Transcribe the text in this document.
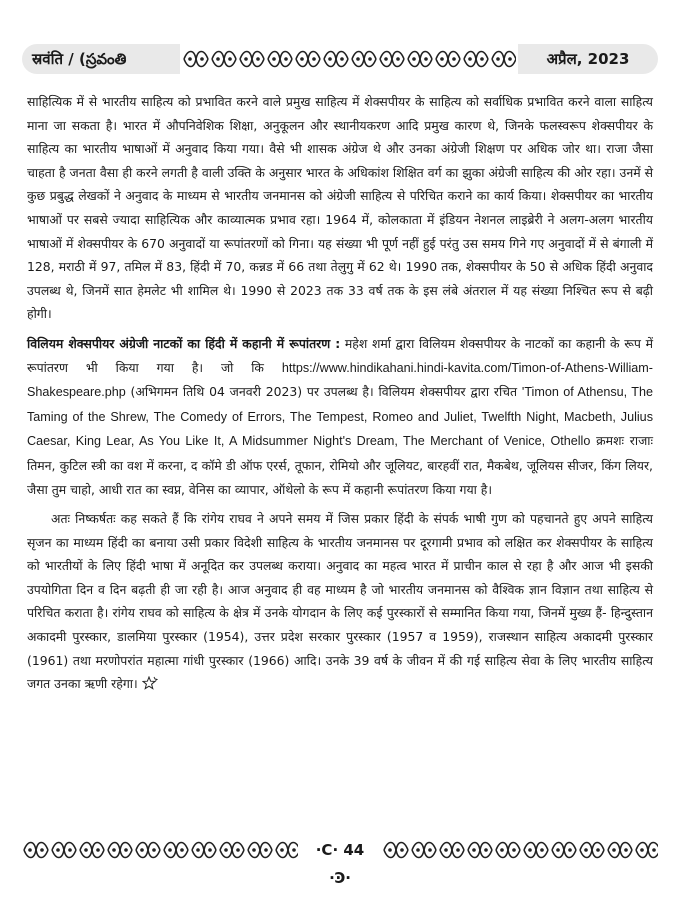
स्रवंति / (స్రవంతి	अप्रैल, 2023

साहित्यिक में से भारतीय साहित्य को प्रभावित करने वाले प्रमुख साहित्य में शेक्सपीयर के साहित्य को सर्वाधिक प्रभावित करने वाला साहित्य माना जा सकता है। भारत में औपनिवेशिक शिक्षा, अनुकूलन और स्थानीयकरण आदि प्रमुख कारण थे, जिनके फलस्वरूप शेक्सपीयर के साहित्य का भारतीय भाषाओं में अनुवाद किया गया। वैसे भी शासक अंग्रेज थे और उनका अंग्रेजी शिक्षण पर अधिक जोर था। राजा जैसा चाहता है जनता वैसा ही करने लगती है वाली उक्ति के अनुसार भारत के अधिकांश शिक्षित वर्ग का झुका अंग्रेजी साहित्य की ओर रहा। उनमें से कुछ प्रबुद्ध लेखकों ने अनुवाद के माध्यम से भारतीय जनमानस को अंग्रेजी साहित्य से परिचित कराने का कार्य किया। शेक्सपीयर का भारतीय भाषाओं पर सबसे ज्यादा साहित्यिक और काव्यात्मक प्रभाव रहा। 1964 में, कोलकाता में इंडियन नेशनल लाइब्रेरी ने अलग-अलग भारतीय भाषाओं में शेक्सपीयर के 670 अनुवादों या रूपांतरणों को गिना। यह संख्या भी पूर्ण नहीं हुई परंतु उस समय गिने गए अनुवादों में से बंगाली में 128, मराठी में 97, तमिल में 83, हिंदी में 70, कन्नड में 66 तथा तेलुगु में 62 थे। 1990 तक, शेक्सपीयर के 50 से अधिक हिंदी अनुवाद उपलब्ध थे, जिनमें सात हेमलेट भी शामिल थे। 1990 से 2023 तक 33 वर्ष तक के इस लंबे अंतराल में यह संख्या निश्चित रूप से बढ़ी होगी।

विलियम शेक्सपीयर अंग्रेजी नाटकों का हिंदी में कहानी में रूपांतरण : महेश शर्मा द्वारा विलियम शेक्सपीयर के नाटकों का कहानी के रूप में रूपांतरण भी किया गया है। जो कि https://www.hindikahani.hindi-kavita.com/Timon-of-Athens-William-Shakespeare.php (अभिगमन तिथि 04 जनवरी 2023) पर उपलब्ध है। विलियम शेक्सपीयर द्वारा रचित 'Timon of Athensu, The Taming of the Shrew, The Comedy of Errors, The Tempest, Romeo and Juliet, Twelfth Night, Macbeth, Julius Caesar, King Lear, As You Like It, A Midsummer Night's Dream, The Merchant of Venice, Othello क्रमशः राजाः तिमन, कुटिल स्त्री का वश में करना, द कॉमे डी ऑफ एरर्स, तूफान, रोमियो और जूलियट, बारहवीं रात, मैकबेथ, जूलियस सीजर, किंग लियर, जैसा तुम चाहो, आधी रात का स्वप्न, वेनिस का व्यापार, ऑथेलो के रूप में कहानी रूपांतरण किया गया है।

अतः निष्कर्षतः कह सकते हैं कि रांगेय राघव ने अपने समय में जिस प्रकार हिंदी के संपर्क भाषी गुण को पहचानते हुए अपने साहित्य सृजन का माध्यम हिंदी का बनाया उसी प्रकार विदेशी साहित्य के भारतीय जनमानस पर दूरगामी प्रभाव को लक्षित कर शेक्सपीयर के साहित्य को भारतीयों के लिए हिंदी भाषा में अनूदित कर उपलब्ध कराया। अनुवाद का महत्व भारत में प्राचीन काल से रहा है और आज भी इसकी उपयोगिता दिन व दिन बढ़ती ही जा रही है। आज अनुवाद ही वह माध्यम है जो भारतीय जनमानस को वैश्विक ज्ञान विज्ञान तथा साहित्य से परिचित कराता है। रांगेय राघव को साहित्य के क्षेत्र में उनके योगदान के लिए कई पुरस्कारों से सम्मानित किया गया, जिनमें मुख्य हैं- हिन्दुस्तान अकादमी पुरस्कार, डालमिया पुरस्कार (1954), उत्तर प्रदेश सरकार पुरस्कार (1957 व 1959), राजस्थान साहित्य अकादमी पुरस्कार (1961) तथा मरणोपरांत महात्मा गांधी पुरस्कार (1966) आदि। उनके 39 वर्ष के जीवन में की गई साहित्य सेवा के लिए भारतीय साहित्य जगत उनका ऋणी रहेगा।

·C· 44 ·Ͽ·
